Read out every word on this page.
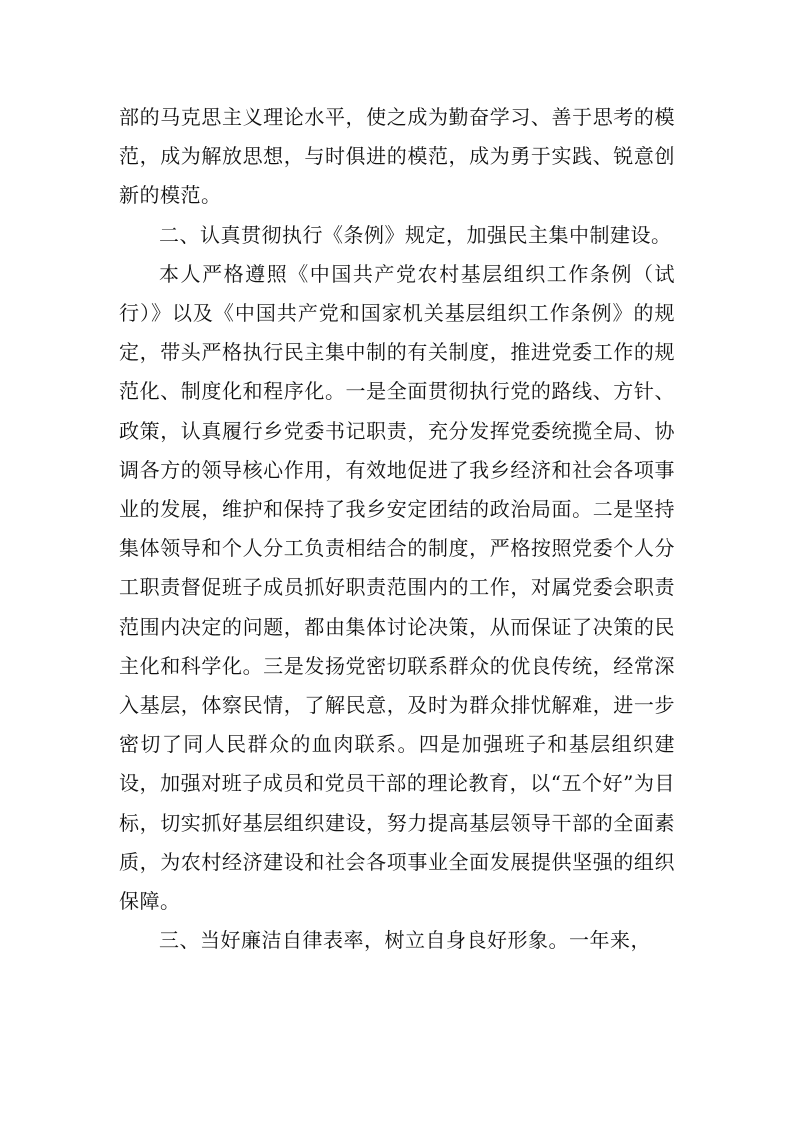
部的马克思主义理论水平，使之成为勤奋学习、善于思考的模范，成为解放思想，与时俱进的模范，成为勇于实践、锐意创新的模范。

二、认真贯彻执行《条例》规定，加强民主集中制建设。

本人严格遵照《中国共产党农村基层组织工作条例（试行）》以及《中国共产党和国家机关基层组织工作条例》的规定，带头严格执行民主集中制的有关制度，推进党委工作的规范化、制度化和程序化。一是全面贯彻执行党的路线、方针、政策，认真履行乡党委书记职责，充分发挥党委统揽全局、协调各方的领导核心作用，有效地促进了我乡经济和社会各项事业的发展，维护和保持了我乡安定团结的政治局面。二是坚持集体领导和个人分工负责相结合的制度，严格按照党委个人分工职责督促班子成员抓好职责范围内的工作，对属党委会职责范围内决定的问题，都由集体讨论决策，从而保证了决策的民主化和科学化。三是发扬党密切联系群众的优良传统，经常深入基层，体察民情，了解民意，及时为群众排忧解难，进一步密切了同人民群众的血肉联系。四是加强班子和基层组织建设，加强对班子成员和党员干部的理论教育，以“五个好”为目标，切实抓好基层组织建设，努力提高基层领导干部的全面素质，为农村经济建设和社会各项事业全面发展提供坚强的组织保障。

三、当好廉洁自律表率，树立自身良好形象。一年来，
